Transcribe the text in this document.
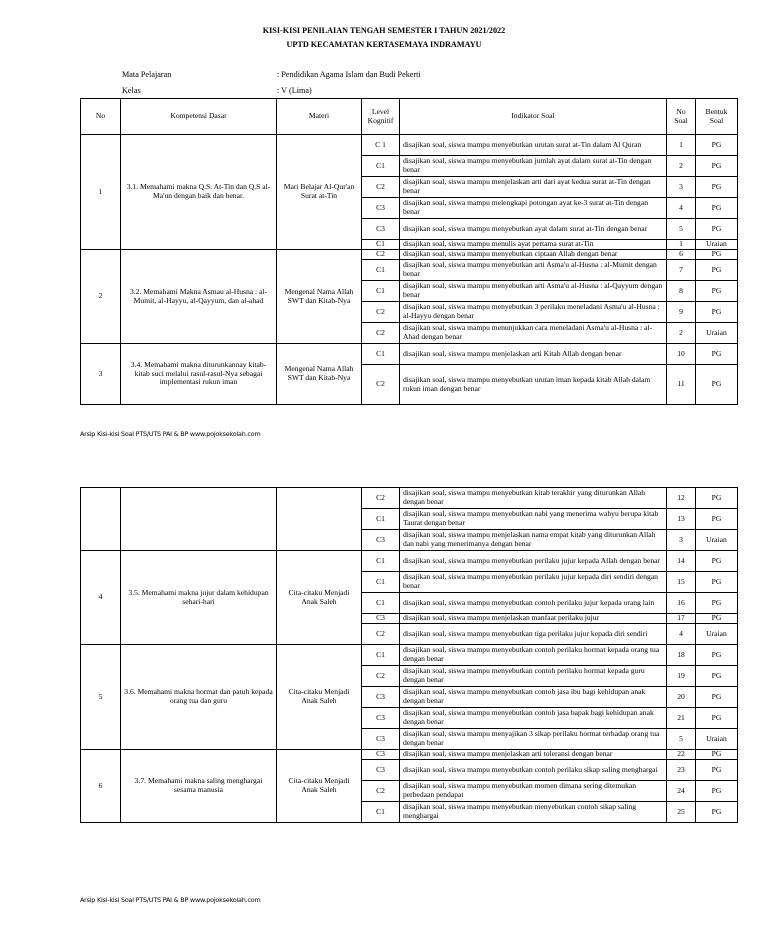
KISI-KISI PENILAIAN TENGAH SEMESTER I TAHUN 2021/2022
UPTD KECAMATAN KERTASEMAYA INDRAMAYU
Mata Pelajaran	: Pendidikan Agama Islam dan Budi Pekerti
Kelas	: V (Lima)
No	Kompetensi Dasar	Materi	Level Kognitif	Indikator Soal	No Soal	Bentuk Soal
1	3.1. Memahami makna Q.S. At-Tin dan Q.S al-Ma'un dengan baik dan benar.	Mari Belajar Al-Qur'an Surat at-Tin	C 1	disajikan soal, siswa mampu menyebutkan urutan surat at-Tin dalam Al Quran	1	PG
			C1	disajikan soal, siswa mampu menyebutkan jumlah ayat dalam surat at-Tin dengan benar	2	PG
			C2	disajikan soal, siswa mampu menjelaskan arti dari ayat kedua surat at-Tin dengan benar	3	PG
			C3	disajikan soal, siswa mampu melengkapi potongan ayat ke-3 surat at-Tin dengan benar	4	PG
			C3	disajikan soal, siswa mampu menyebutkan ayat dalam surat at-Tin dengan benar	5	PG
			C1	disajikan soal, siswa mampu menulis ayat pertama surat at-Tin	1	Uraian
2	3.2. Memahami Makna Asmau al-Husna : al-Mumit, al-Hayyu, al-Qayyum, dan al-ahad	Mengenal Nama Allah SWT dan Kitab-Nya	C2	disajikan soal, siswa mampu menyebutkan ciptaan Allah dengan benar	6	PG
			C1	disajikan soal, siswa mampu menyebutkan arti Asma'u al-Husna : al-Mumit dengan benar	7	PG
			C1	disajikan soal, siswa mampu menyebutkan arti Asma'u al-Husna : al-Qayyum dengan benar	8	PG
			C2	disajikan soal, siswa mampu menyebutkan 3 perilaku meneladani Asma'u al-Husna : al-Hayyu dengan benar	9	PG
			C2	disajikan soal, siswa mampu menunjukkan cara meneladani Asma'u al-Husna : al-Ahad dengan benar	2	Uraian
3	3.4. Memahami makna diturunkannay kitab-kitab suci melalui rasul-rasul-Nya sebagai implementasi rukun iman	Mengenal Nama Allah SWT dan Kitab-Nya	C1	disajikan soal, siswa mampu menjelaskan arti Kitab Allah dengan benar	10	PG
			C2	disajikan soal, siswa mampu menyebutkan urutan iman kepada kitab Allah dalam rukun iman dengan benar	11	PG
Arsip Kisi-kisi Soal PTS/UTS PAI & BP www.pojoksekolah.com
			C2	disajikan soal, siswa mampu menyebutkan kitab terakhir yang diturunkan Allah dengan benar	12	PG
			C1	disajikan soal, siswa mampu menyebutkan nabi yang menerima wahyu berupa kitab Taurat dengan benar	13	PG
			C3	disajikan soal, siswa mampu menjelaskan nama empat kitab yang diturunkan Allah dan nabi yang menerimanya dengan benar	3	Uraian
4	3.5. Memahami makna jujur dalam kehidupan sehari-hari	Cita-citaku Menjadi Anak Saleh	C1	disajikan soal, siswa mampu menyebutkan perilaku jujur kepada Allah dengan benar	14	PG
			C1	disajikan soal, siswa mampu menyebutkan perilaku jujur kepada diri sendiri dengan benar	15	PG
			C1	disajikan soal, siswa mampu menyebutkan contoh perilaku jujur kepada orang lain	16	PG
			C3	disajikan soal, siswa mampu menjelaskan manfaat perilaku jujur	17	PG
			C2	disajikan soal, siswa mampu menyebutkan tiga perilaku jujur kepada diri sendiri	4	Uraian
5	3.6. Memahami makna hormat dan patuh kepada orang tua dan guru	Cita-citaku Menjadi Anak Saleh	C1	disajikan soal, siswa mampu menyebutkan contoh perilaku hormat kepada orang tua dengan benar	18	PG
			C2	disajikan soal, siswa mampu menyebutkan contoh perilaku hormat kepada guru dengan benar	19	PG
			C3	disajikan soal, siswa mampu menyebutkan contoh jasa ibu bagi kehidupan anak dengan benar	20	PG
			C3	disajikan soal, siswa mampu menyebutkan contoh jasa bapak bagi kehidupan anak dengan benar	21	PG
			C3	disajikan soal, siswa mampu menyajikan 3 sikap perilaku hormat terhadap orang tua dengan benar	5	Uraian
6	3.7. Memahami makna saling menghargai sesama manusia	Cita-citaku Menjadi Anak Saleh	C3	disajikan soal, siswa mampu menjelaskan arti toleransi dengan benar	22	PG
			C3	disajikan soal, siswa mampu menyebutkan contoh perilaku sikap saling menghargai	23	PG
			C2	disajikan soal, siswa mampu menyebutkan momen dimana sering ditemukan perbedaan pendapat	24	PG
			C1	disajikan soal, siswa mampu menyebutkan menyebutkan contoh sikap saling menghargai	25	PG
Arsip Kisi-kisi Soal PTS/UTS PAI & BP www.pojoksekolah.com
